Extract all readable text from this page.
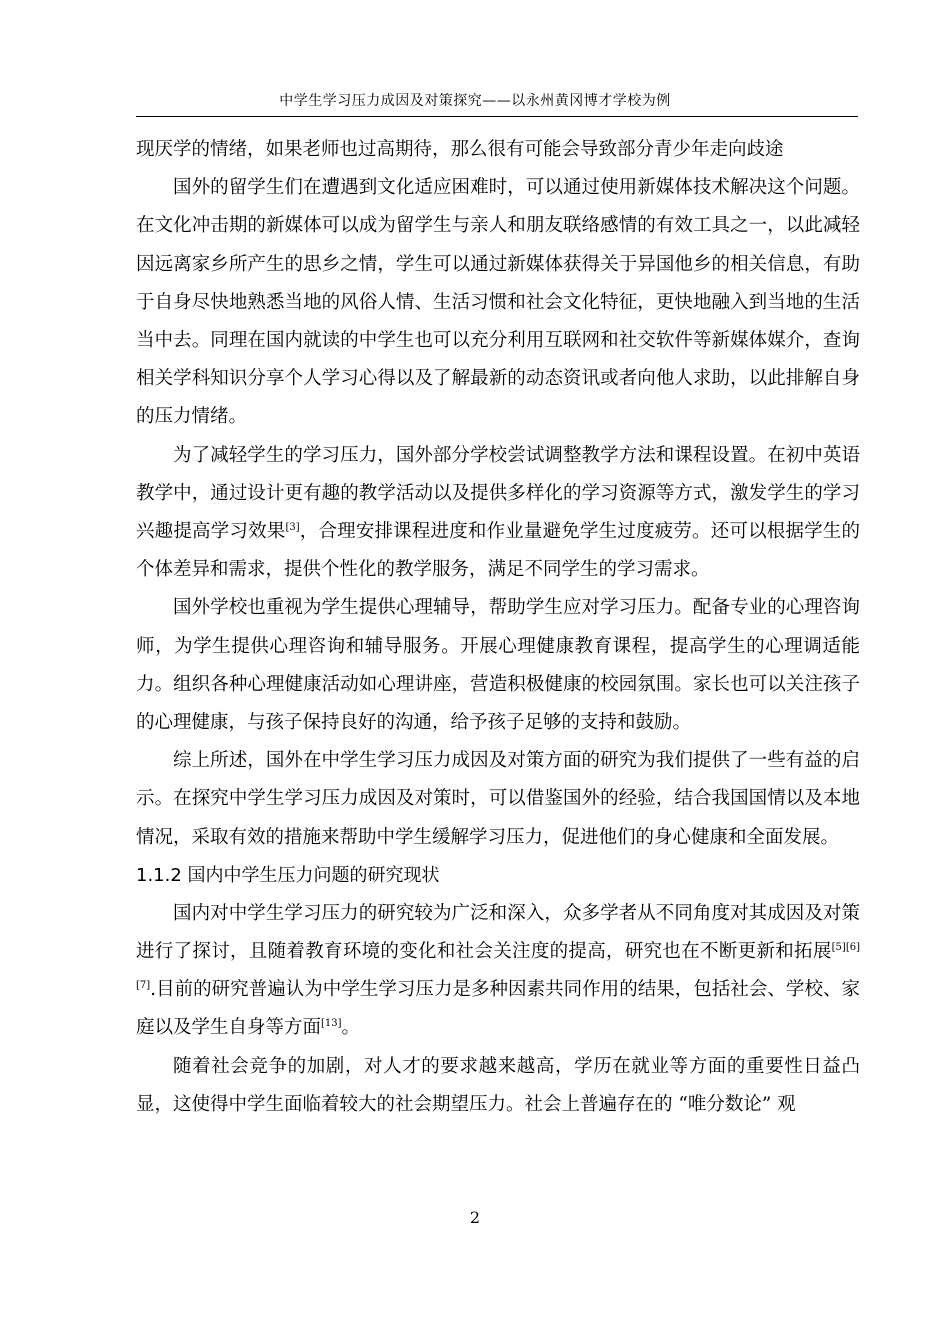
中学生学习压力成因及对策探究——以永州黄冈博才学校为例

现厌学的情绪，如果老师也过高期待，那么很有可能会导致部分青少年走向歧途

国外的留学生们在遭遇到文化适应困难时，可以通过使用新媒体技术解决这个问题。在文化冲击期的新媒体可以成为留学生与亲人和朋友联络感情的有效工具之一，以此减轻因远离家乡所产生的思乡之情，学生可以通过新媒体获得关于异国他乡的相关信息，有助于自身尽快地熟悉当地的风俗人情、生活习惯和社会文化特征，更快地融入到当地的生活当中去。同理在国内就读的中学生也可以充分利用互联网和社交软件等新媒体媒介，查询相关学科知识分享个人学习心得以及了解最新的动态资讯或者向他人求助，以此排解自身的压力情绪。

为了减轻学生的学习压力，国外部分学校尝试调整教学方法和课程设置。在初中英语教学中，通过设计更有趣的教学活动以及提供多样化的学习资源等方式，激发学生的学习兴趣提高学习效果[3]，合理安排课程进度和作业量避免学生过度疲劳。还可以根据学生的个体差异和需求，提供个性化的教学服务，满足不同学生的学习需求。

国外学校也重视为学生提供心理辅导，帮助学生应对学习压力。配备专业的心理咨询师，为学生提供心理咨询和辅导服务。开展心理健康教育课程，提高学生的心理调适能力。组织各种心理健康活动如心理讲座，营造积极健康的校园氛围。家长也可以关注孩子的心理健康，与孩子保持良好的沟通，给予孩子足够的支持和鼓励。

综上所述，国外在中学生学习压力成因及对策方面的研究为我们提供了一些有益的启示。在探究中学生学习压力成因及对策时，可以借鉴国外的经验，结合我国国情以及本地情况，采取有效的措施来帮助中学生缓解学习压力，促进他们的身心健康和全面发展。

1.1.2 国内中学生压力问题的研究现状

国内对中学生学习压力的研究较为广泛和深入，众多学者从不同角度对其成因及对策进行了探讨，且随着教育环境的变化和社会关注度的提高，研究也在不断更新和拓展[5][6][7].目前的研究普遍认为中学生学习压力是多种因素共同作用的结果，包括社会、学校、家庭以及学生自身等方面[13]。

随着社会竞争的加剧，对人才的要求越来越高，学历在就业等方面的重要性日益凸显，这使得中学生面临着较大的社会期望压力。社会上普遍存在的 “唯分数论” 观

2
